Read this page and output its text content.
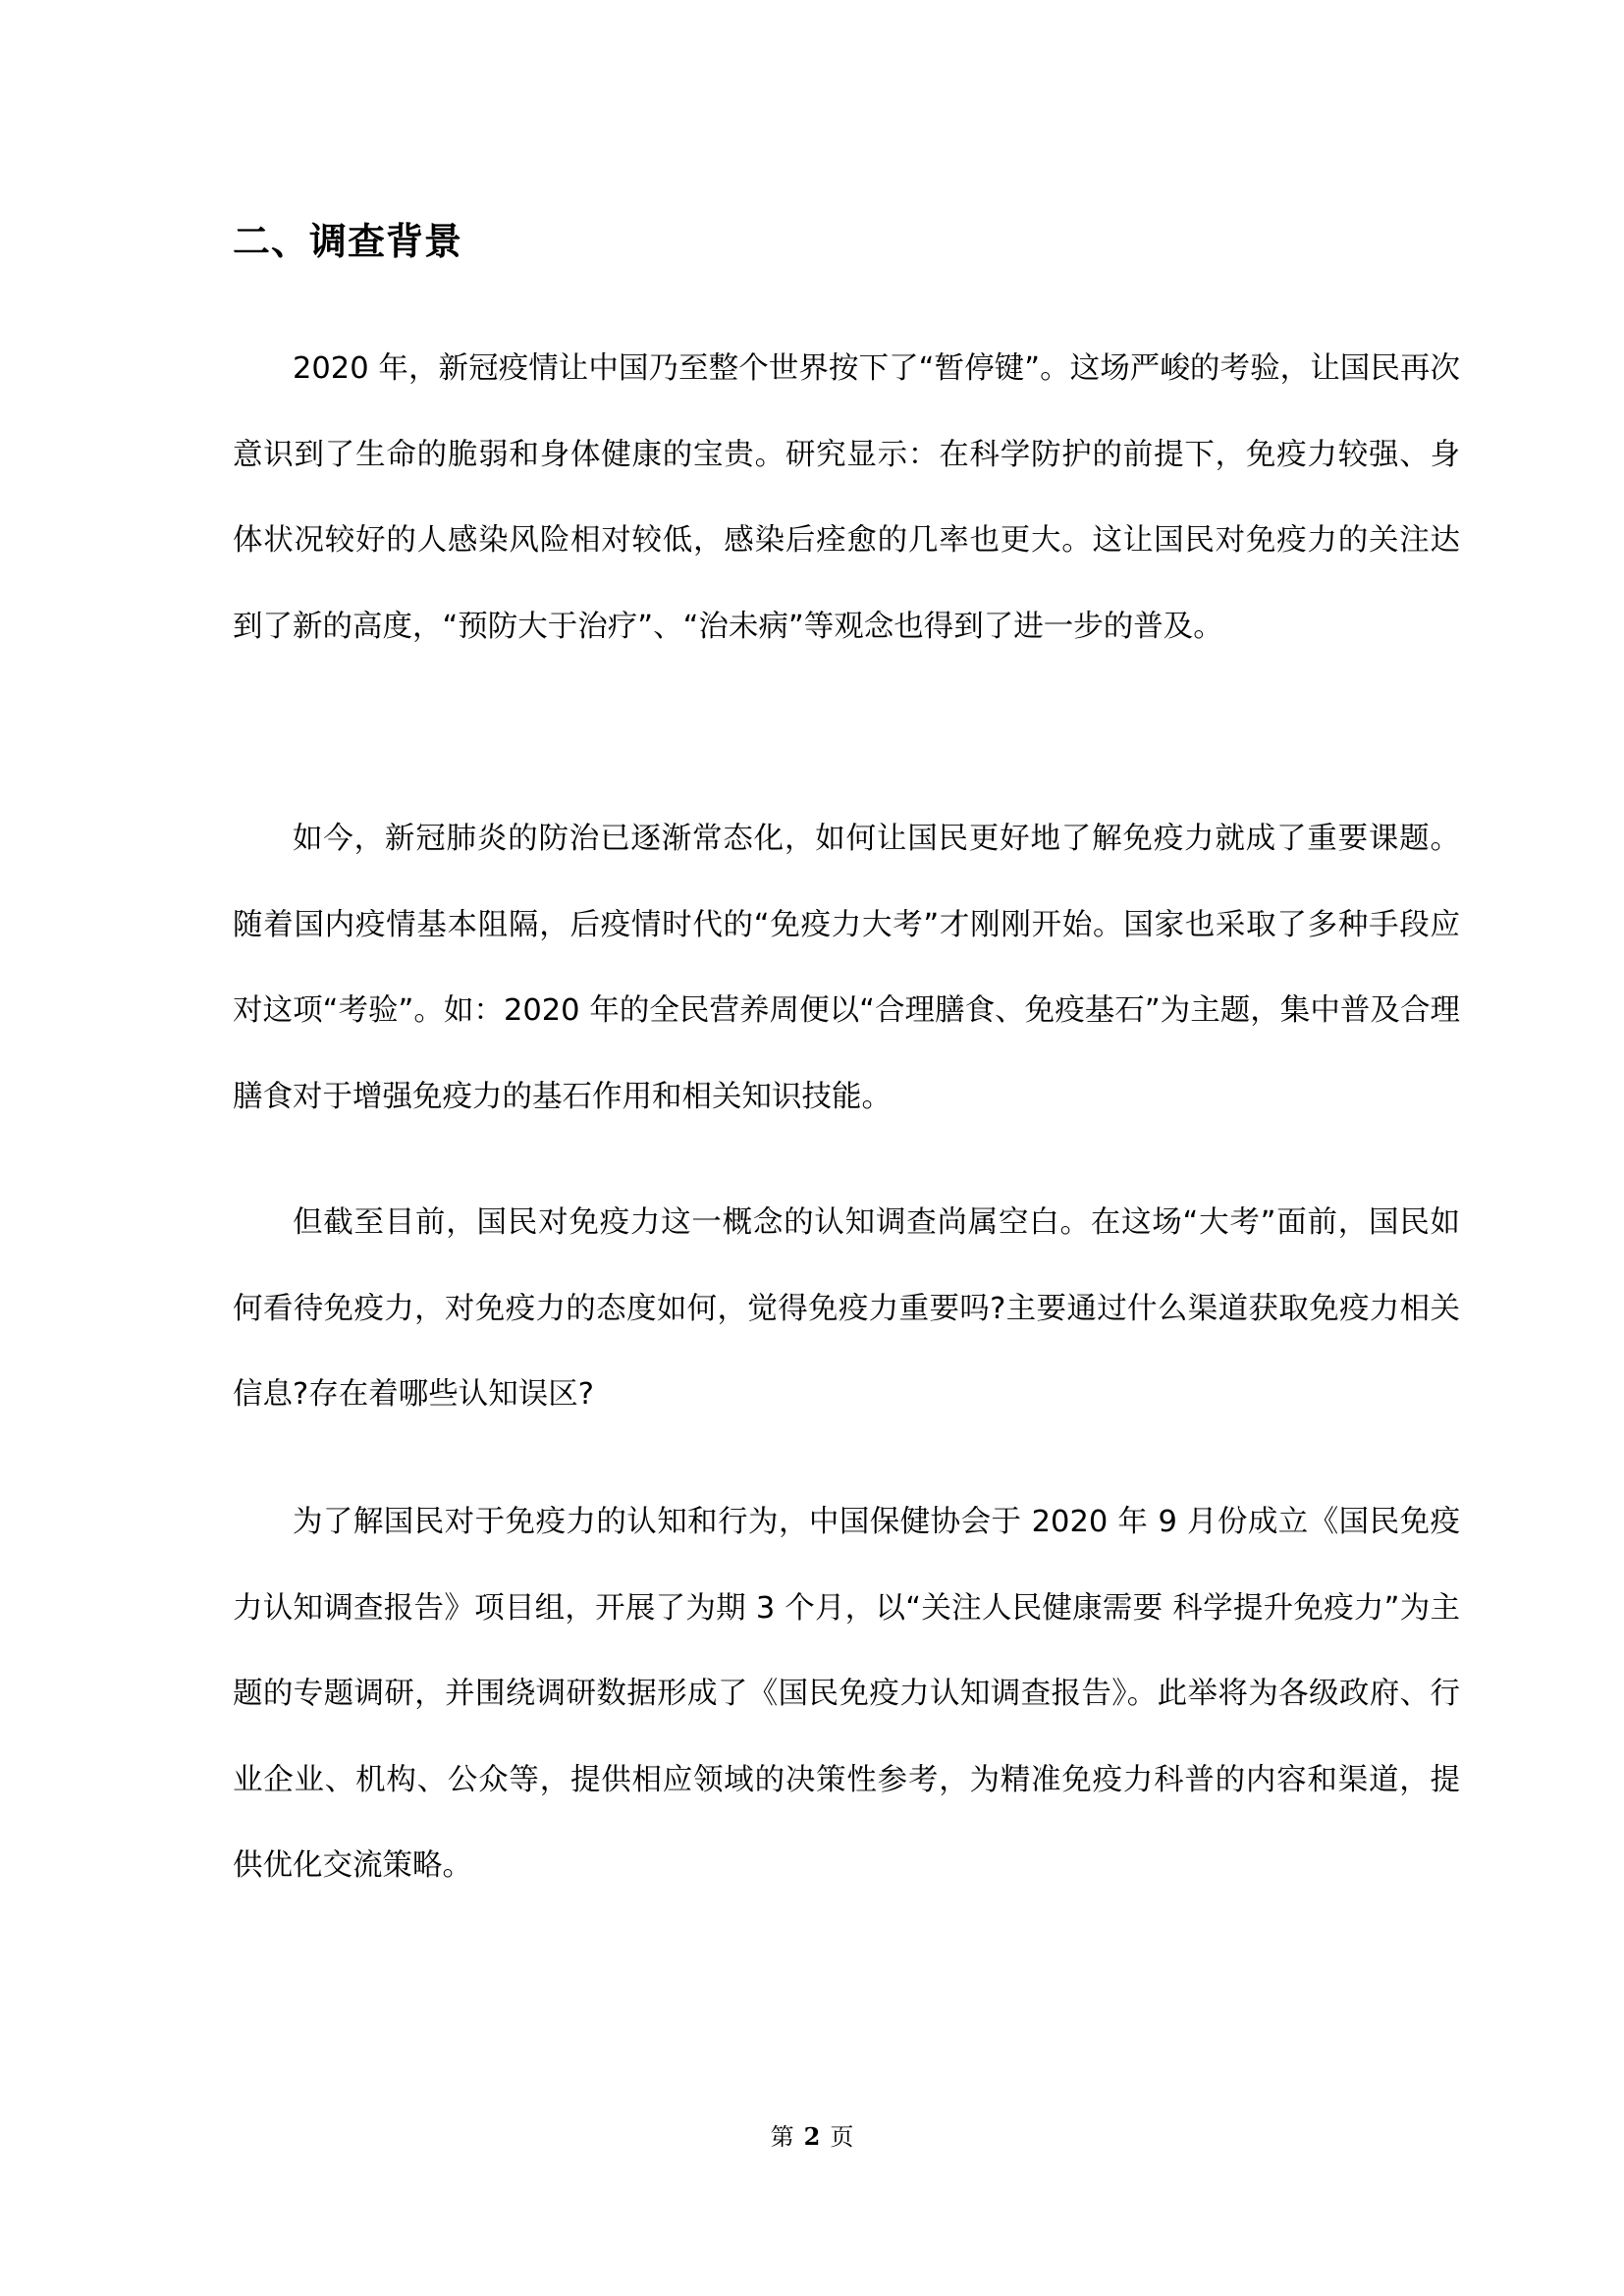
二、调查背景

2020 年，新冠疫情让中国乃至整个世界按下了“暂停键”。这场严峻的考验，让国民再次意识到了生命的脆弱和身体健康的宝贵。研究显示：在科学防护的前提下，免疫力较强、身体状况较好的人感染风险相对较低，感染后痊愈的几率也更大。这让国民对免疫力的关注达到了新的高度，“预防大于治疗”、“治未病”等观念也得到了进一步的普及。

如今，新冠肺炎的防治已逐渐常态化，如何让国民更好地了解免疫力就成了重要课题。随着国内疫情基本阻隔，后疫情时代的“免疫力大考”才刚刚开始。国家也采取了多种手段应对这项“考验”。如：2020 年的全民营养周便以“合理膳食、免疫基石”为主题，集中普及合理膳食对于增强免疫力的基石作用和相关知识技能。

但截至目前，国民对免疫力这一概念的认知调查尚属空白。在这场“大考”面前，国民如何看待免疫力，对免疫力的态度如何，觉得免疫力重要吗?主要通过什么渠道获取免疫力相关信息?存在着哪些认知误区?

为了解国民对于免疫力的认知和行为，中国保健协会于 2020 年 9 月份成立《国民免疫力认知调查报告》项目组，开展了为期 3 个月，以“关注人民健康需要 科学提升免疫力”为主题的专题调研，并围绕调研数据形成了《国民免疫力认知调查报告》。此举将为各级政府、行业企业、机构、公众等，提供相应领域的决策性参考，为精准免疫力科普的内容和渠道，提供优化交流策略。

第 2 页
